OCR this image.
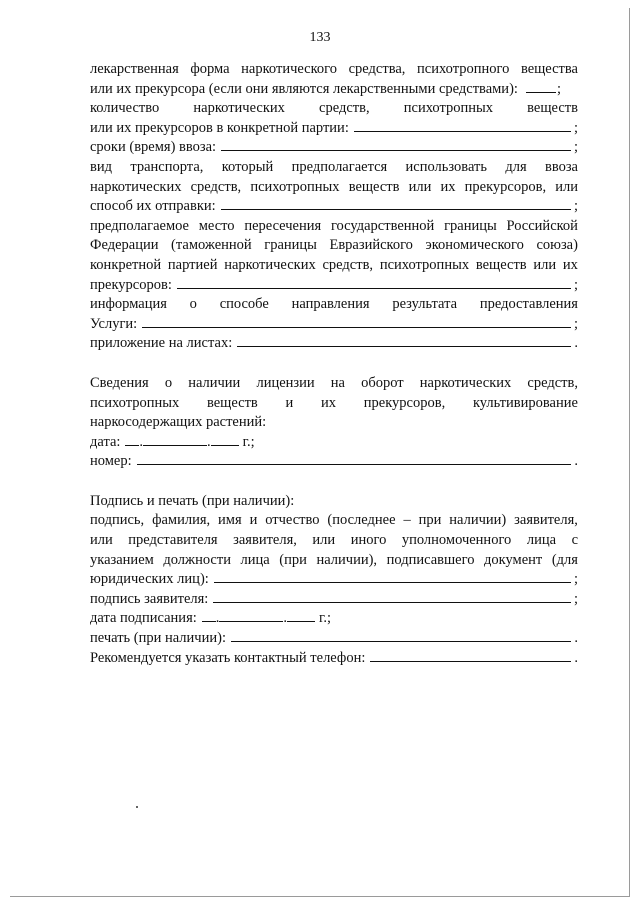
133
лекарственная форма наркотического средства, психотропного вещества
или их прекурсора (если они являются лекарственными средствами):	;
количество наркотических средств, психотропных веществ
или их прекурсоров в конкретной партии:	;
сроки (время) ввоза:	;
вид транспорта, который предполагается использовать для ввоза
наркотических средств, психотропных веществ или их прекурсоров, или
способ их отправки:	;
предполагаемое место пересечения государственной границы Российской
Федерации (таможенной границы Евразийского экономического союза)
конкретной партией наркотических средств, психотропных веществ или их
прекурсоров:	;
информация о способе направления результата предоставления
Услуги:	;
приложение на листах:	.
Сведения о наличии лицензии на оборот наркотических средств,
психотропных веществ и их прекурсоров, культивирование
наркосодержащих растений:
дата: .	. г.;
номер:	.
Подпись и печать (при наличии):
подпись, фамилия, имя и отчество (последнее – при наличии) заявителя,
или представителя заявителя, или иного уполномоченного лица с
указанием должности лица (при наличии), подписавшего документ (для
юридических лиц):	;
подпись заявителя:	;
дата подписания: .	. г.;
печать (при наличии):	.
Рекомендуется указать контактный телефон:	.
